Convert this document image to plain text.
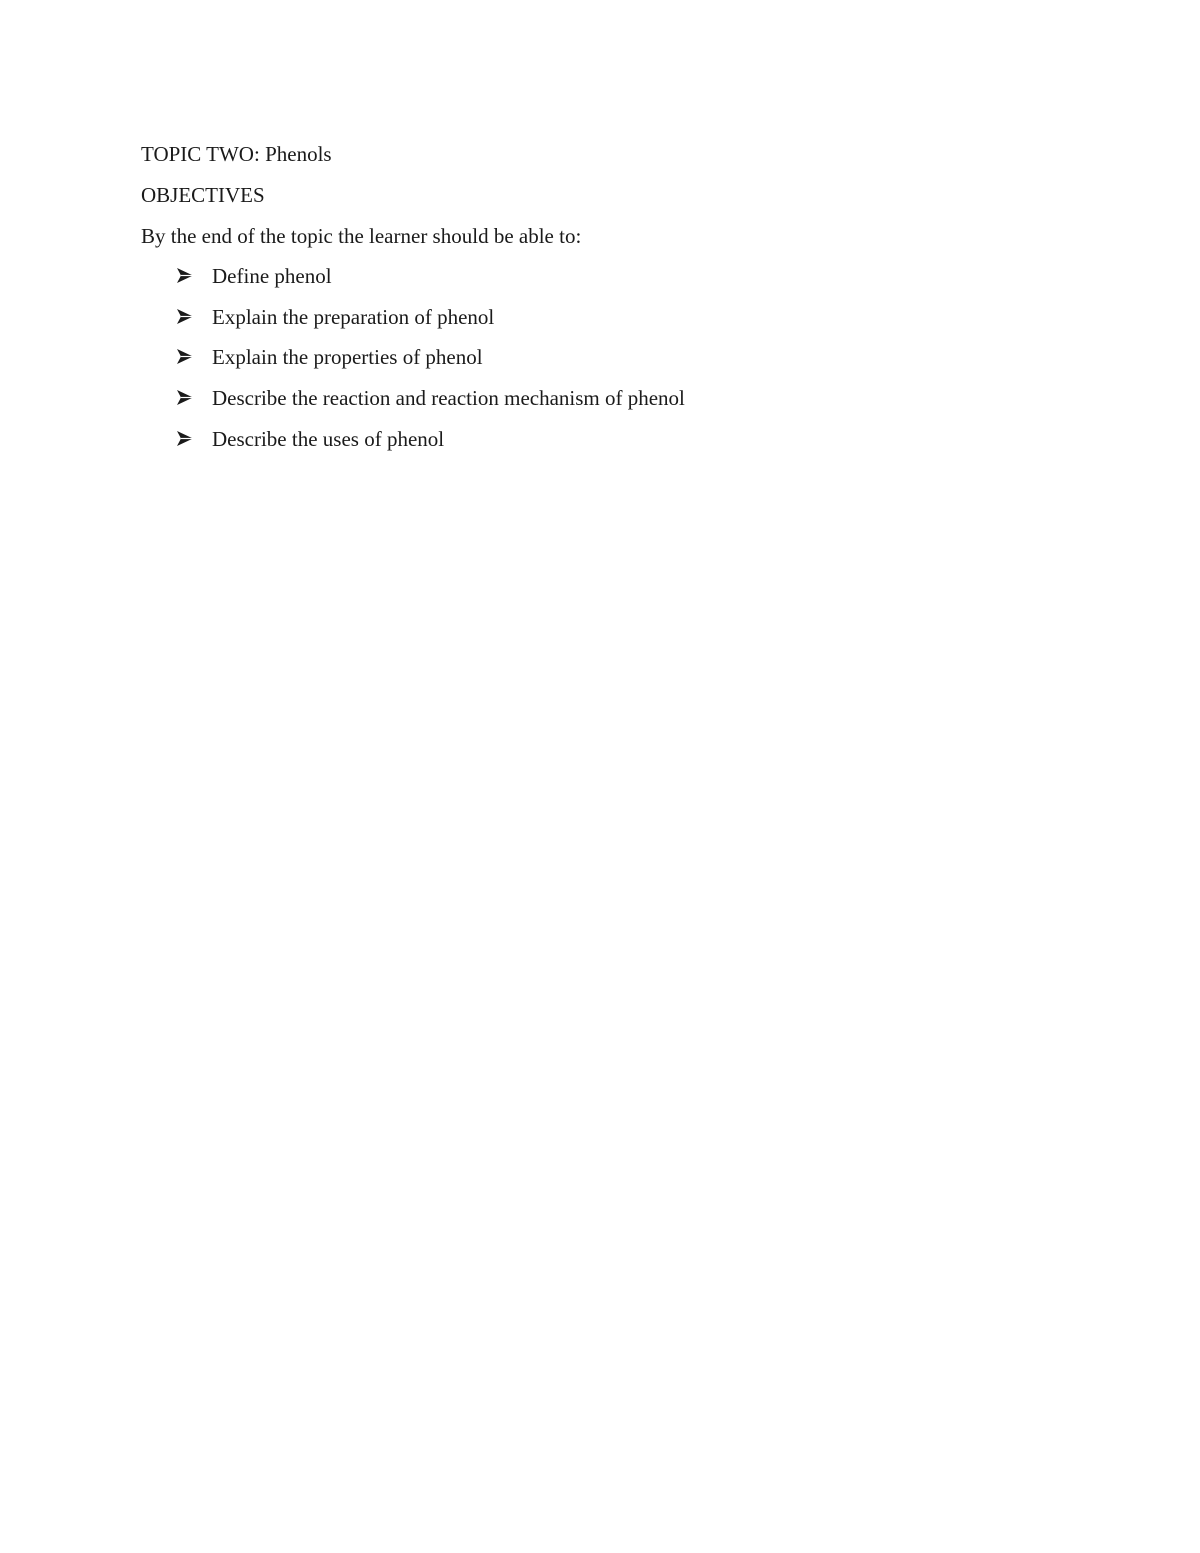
TOPIC TWO: Phenols
OBJECTIVES
By the end of the topic the learner should be able to:
Define phenol
Explain the preparation of phenol
Explain the properties of phenol
Describe the reaction and reaction mechanism of phenol
Describe the uses of phenol
